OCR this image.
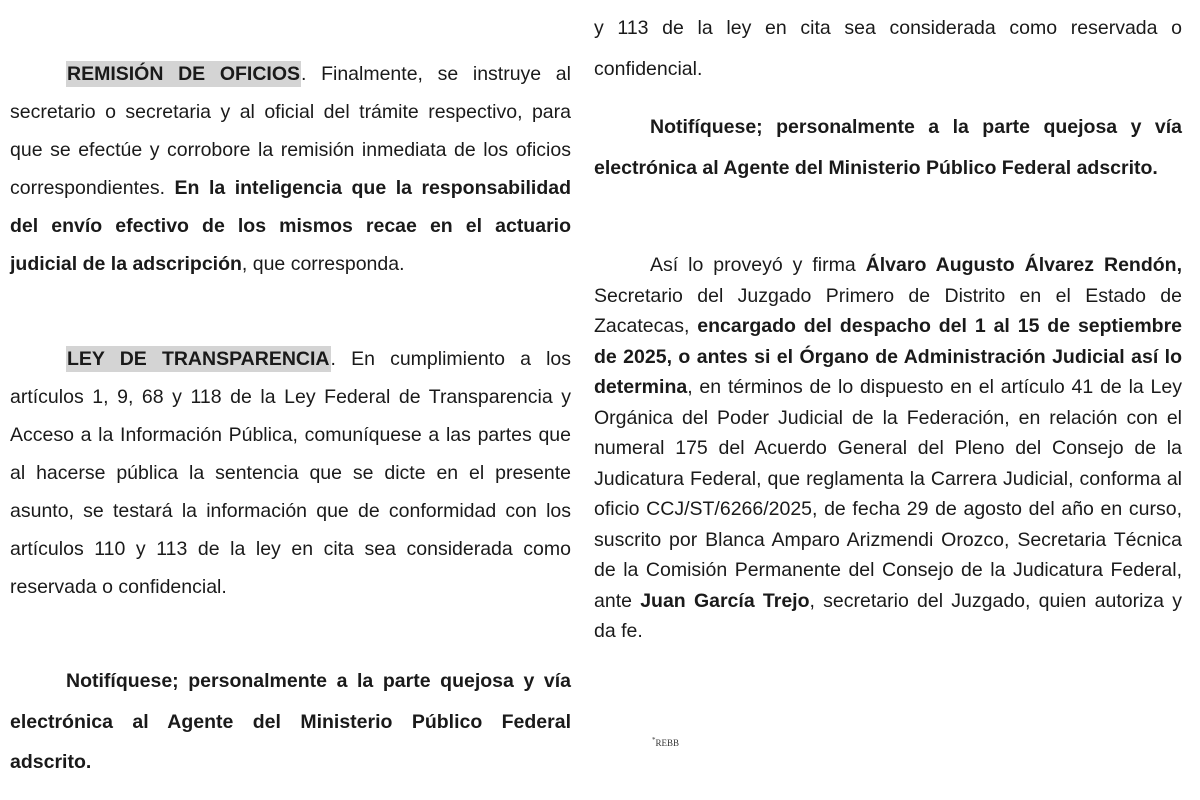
REMISIÓN DE OFICIOS. Finalmente, se instruye al secretario o secretaria y al oficial del trámite respectivo, para que se efectúe y corrobore la remisión inmediata de los oficios correspondientes. En la inteligencia que la responsabilidad del envío efectivo de los mismos recae en el actuario judicial de la adscripción, que corresponda.

LEY DE TRANSPARENCIA. En cumplimiento a los artículos 1, 9, 68 y 118 de la Ley Federal de Transparencia y Acceso a la Información Pública, comuníquese a las partes que al hacerse pública la sentencia que se dicte en el presente asunto, se testará la información que de conformidad con los artículos 110 y 113 de la ley en cita sea considerada como reservada o confidencial.

Notifíquese; personalmente a la parte quejosa y vía electrónica al Agente del Ministerio Público Federal adscrito.

y 113 de la ley en cita sea considerada como reservada o confidencial.

Notifíquese; personalmente a la parte quejosa y vía electrónica al Agente del Ministerio Público Federal adscrito.

Así lo proveyó y firma Álvaro Augusto Álvarez Rendón, Secretario del Juzgado Primero de Distrito en el Estado de Zacatecas, encargado del despacho del 1 al 15 de septiembre de 2025, o antes si el Órgano de Administración Judicial así lo determina, en términos de lo dispuesto en el artículo 41 de la Ley Orgánica del Poder Judicial de la Federación, en relación con el numeral 175 del Acuerdo General del Pleno del Consejo de la Judicatura Federal, que reglamenta la Carrera Judicial, conforma al oficio CCJ/ST/6266/2025, de fecha 29 de agosto del año en curso, suscrito por Blanca Amparo Arizmendi Orozco, Secretaria Técnica de la Comisión Permanente del Consejo de la Judicatura Federal, ante Juan García Trejo, secretario del Juzgado, quien autoriza y da fe.

*REBB
